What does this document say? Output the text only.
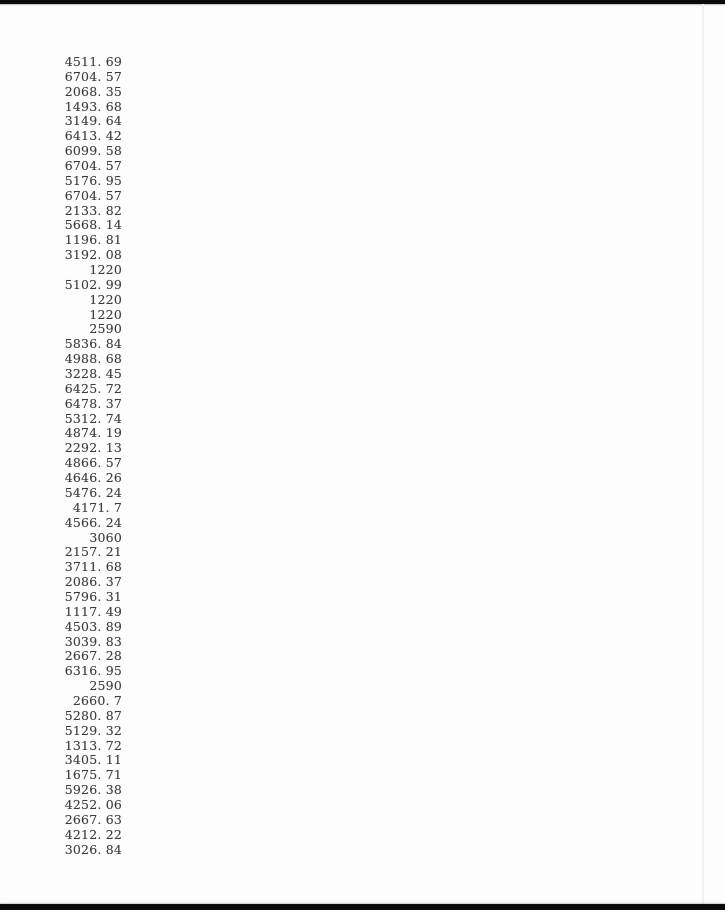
4511. 69
6704. 57
2068. 35
1493. 68
3149. 64
6413. 42
6099. 58
6704. 57
5176. 95
6704. 57
2133. 82
5668. 14
1196. 81
3192. 08
1220
5102. 99
1220
1220
2590
5836. 84
4988. 68
3228. 45
6425. 72
6478. 37
5312. 74
4874. 19
2292. 13
4866. 57
4646. 26
5476. 24
4171. 7
4566. 24
3060
2157. 21
3711. 68
2086. 37
5796. 31
1117. 49
4503. 89
3039. 83
2667. 28
6316. 95
2590
2660. 7
5280. 87
5129. 32
1313. 72
3405. 11
1675. 71
5926. 38
4252. 06
2667. 63
4212. 22
3026. 84
